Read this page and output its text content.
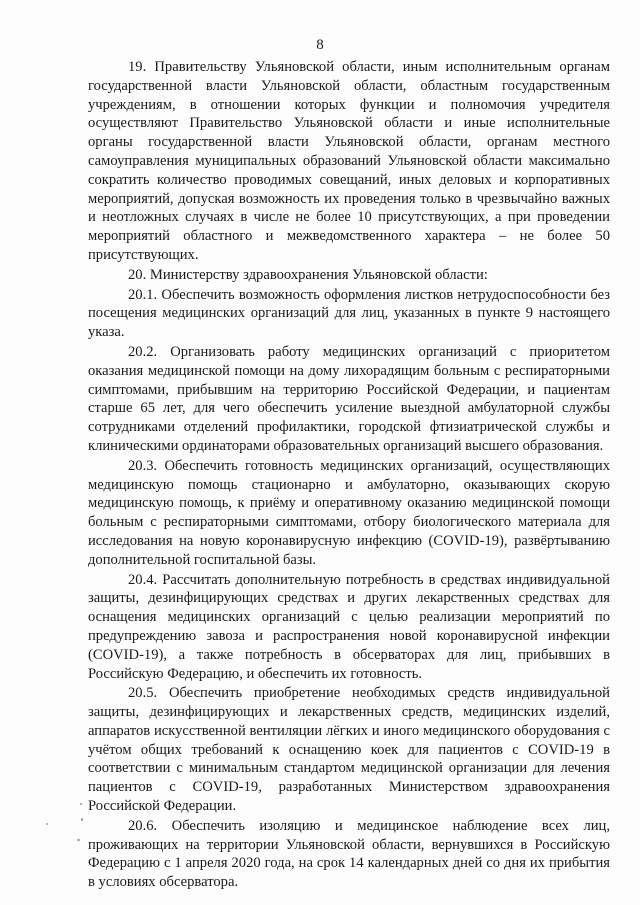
8

19. Правительству Ульяновской области, иным исполнительным органам государственной власти Ульяновской области, областным государственным учреждениям, в отношении которых функции и полномочия учредителя осуществляют Правительство Ульяновской области и иные исполнительные органы государственной власти Ульяновской области, органам местного самоуправления муниципальных образований Ульяновской области максимально сократить количество проводимых совещаний, иных деловых и корпоративных мероприятий, допуская возможность их проведения только в чрезвычайно важных и неотложных случаях в числе не более 10 присутствующих, а при проведении мероприятий областного и межведомственного характера – не более 50 присутствующих.

20. Министерству здравоохранения Ульяновской области:

20.1. Обеспечить возможность оформления листков нетрудоспособности без посещения медицинских организаций для лиц, указанных в пункте 9 настоящего указа.

20.2. Организовать работу медицинских организаций с приоритетом оказания медицинской помощи на дому лихорадящим больным с респираторными симптомами, прибывшим на территорию Российской Федерации, и пациентам старше 65 лет, для чего обеспечить усиление выездной амбулаторной службы сотрудниками отделений профилактики, городской фтизиатрической службы и клиническими ординаторами образовательных организаций высшего образования.

20.3. Обеспечить готовность медицинских организаций, осуществляющих медицинскую помощь стационарно и амбулаторно, оказывающих скорую медицинскую помощь, к приёму и оперативному оказанию медицинской помощи больным с респираторными симптомами, отбору биологического материала для исследования на новую коронавирусную инфекцию (COVID-19), развёртыванию дополнительной госпитальной базы.

20.4. Рассчитать дополнительную потребность в средствах индивидуальной защиты, дезинфицирующих средствах и других лекарственных средствах для оснащения медицинских организаций с целью реализации мероприятий по предупреждению завоза и распространения новой коронавирусной инфекции (COVID-19), а также потребность в обсерваторах для лиц, прибывших в Российскую Федерацию, и обеспечить их готовность.

20.5. Обеспечить приобретение необходимых средств индивидуальной защиты, дезинфицирующих и лекарственных средств, медицинских изделий, аппаратов искусственной вентиляции лёгких и иного медицинского оборудования с учётом общих требований к оснащению коек для пациентов с COVID-19 в соответствии с минимальным стандартом медицинской организации для лечения пациентов с COVID-19, разработанных Министерством здравоохранения Российской Федерации.

20.6. Обеспечить изоляцию и медицинское наблюдение всех лиц, проживающих на территории Ульяновской области, вернувшихся в Российскую Федерацию с 1 апреля 2020 года, на срок 14 календарных дней со дня их прибытия в условиях обсерватора.
